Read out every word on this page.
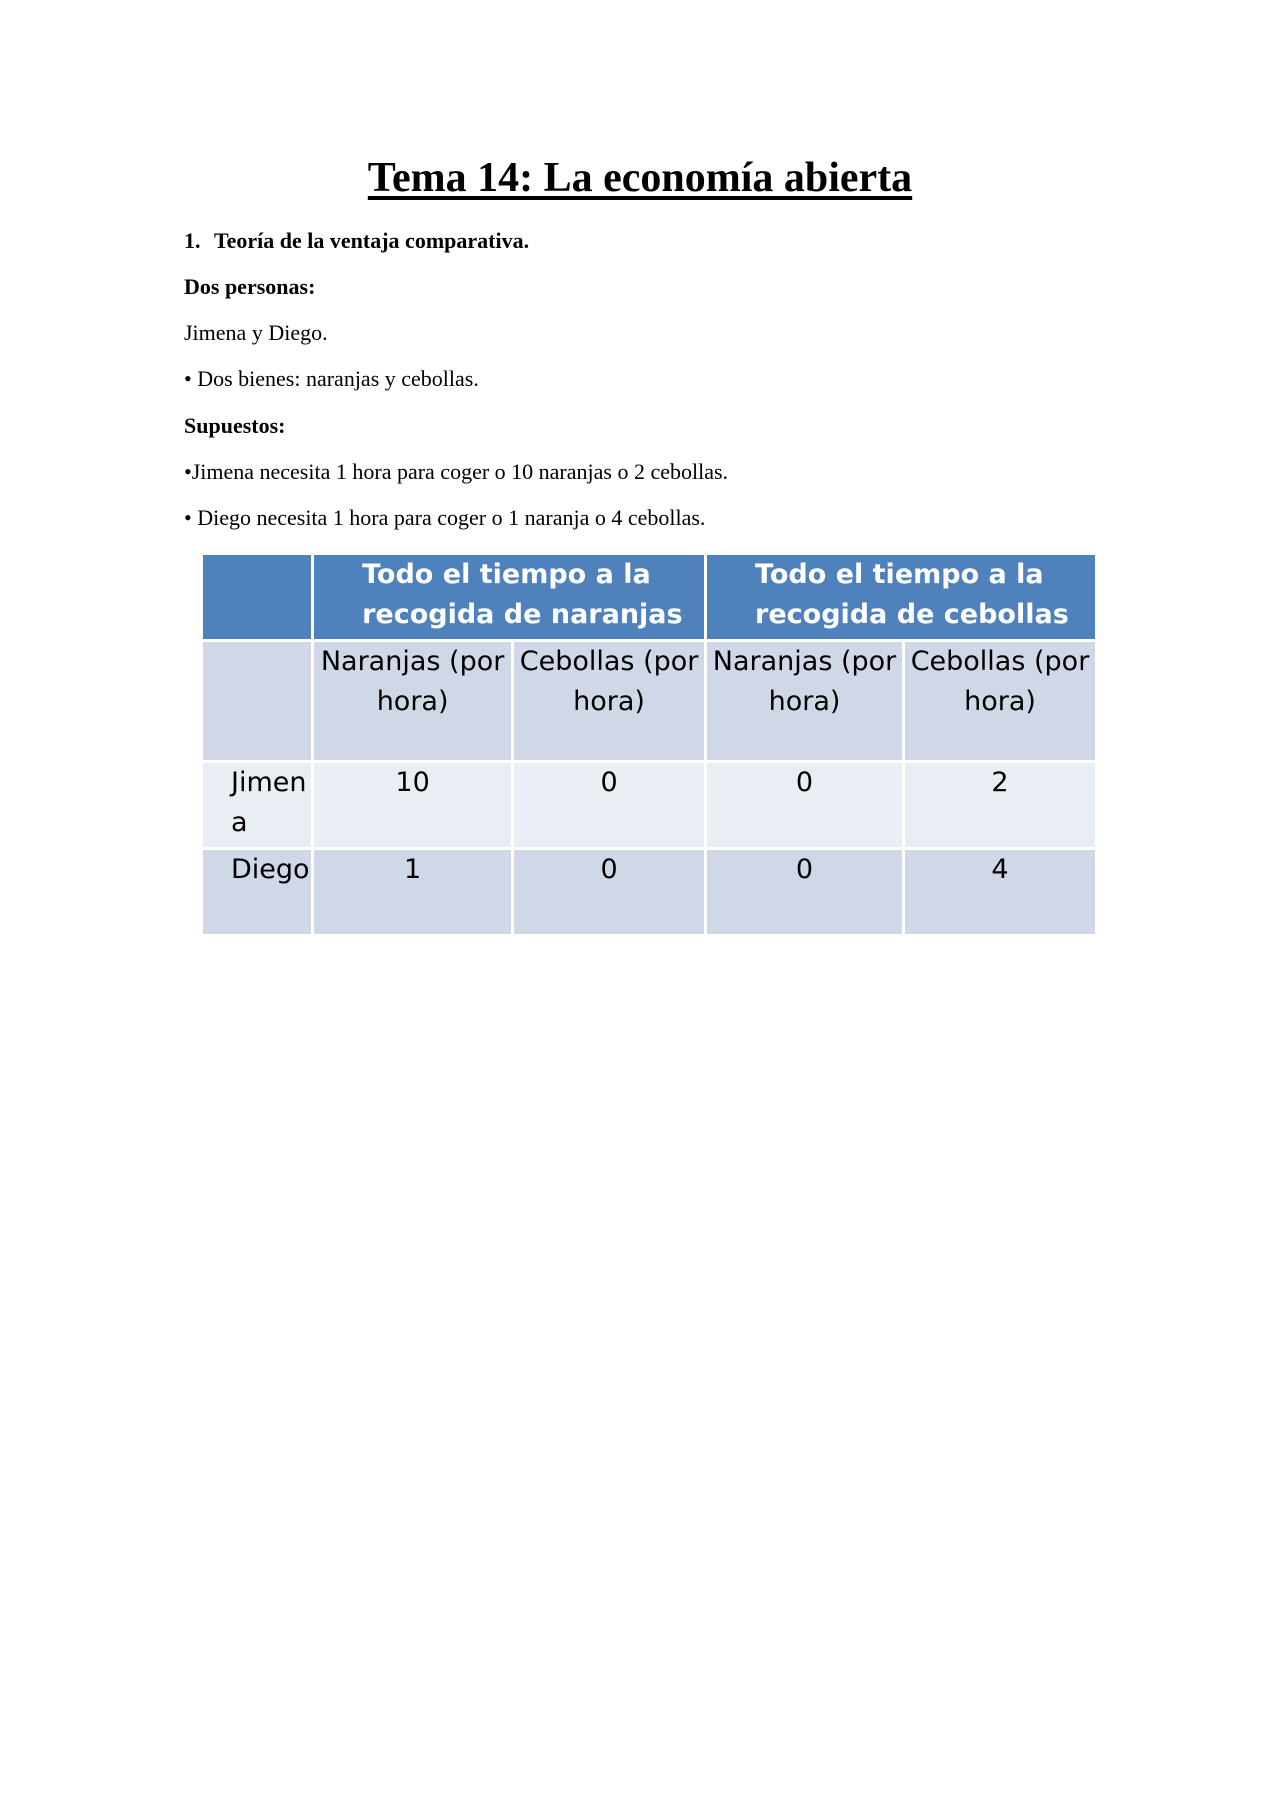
Tema 14: La economía abierta
1. Teoría de la ventaja comparativa.
Dos personas:
Jimena y Diego.
• Dos bienes: naranjas y cebollas.
Supuestos:
•Jimena necesita 1 hora para coger o 10 naranjas o 2 cebollas.
• Diego necesita 1 hora para coger o 1 naranja o 4 cebollas.
	Todo el tiempo a la recogida de naranjas		Todo el tiempo a la recogida de cebollas	
	Naranjas (por hora)	Cebollas (por hora)	Naranjas (por hora)	Cebollas (por hora)
Jimena	10	0	0	2
Diego	1	0	0	4
